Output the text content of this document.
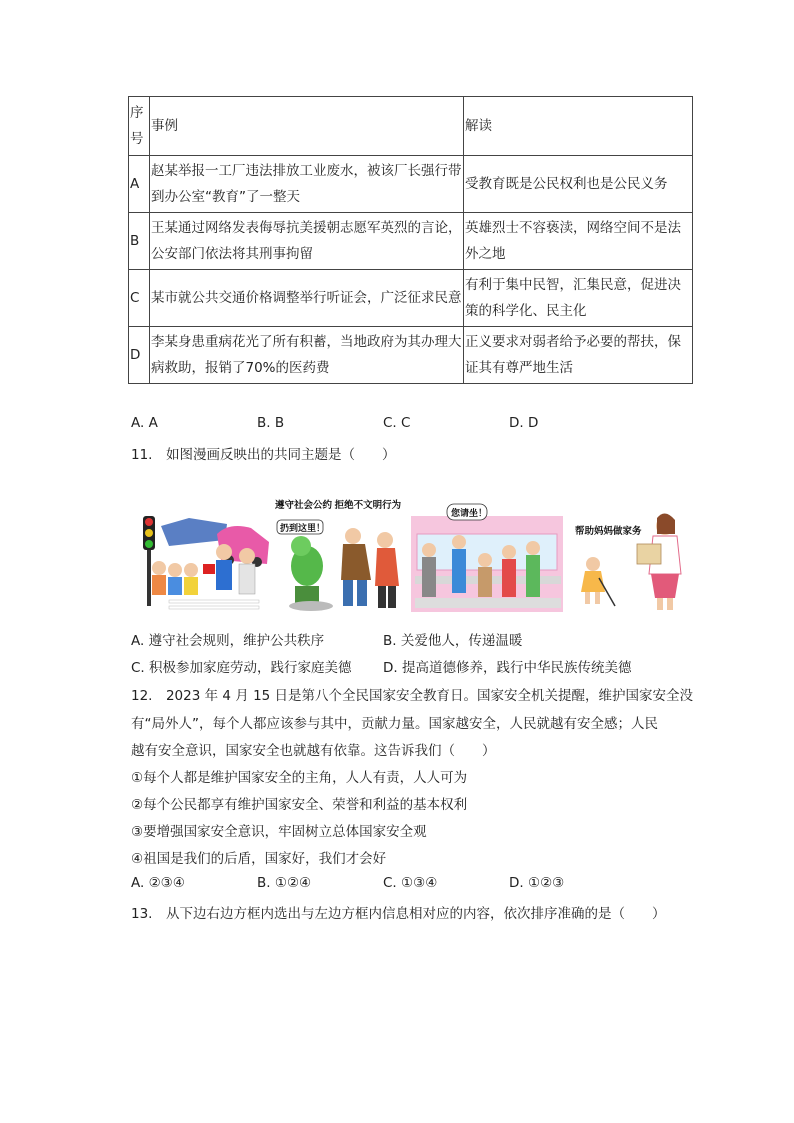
序号	事例	解读
A	赵某举报一工厂违法排放工业废水，被该厂长强行带到办公室“教育”了一整天	受教育既是公民权利也是公民义务
B	王某通过网络发表侮辱抗美援朝志愿军英烈的言论，公安部门依法将其刑事拘留	英雄烈士不容亵渎，网络空间不是法外之地
C	某市就公共交通价格调整举行听证会，广泛征求民意	有利于集中民智，汇集民意，促进决策的科学化、民主化
D	李某身患重病花光了所有积蓄，当地政府为其办理大病救助，报销了70%的医药费	正义要求对弱者给予必要的帮扶，保证其有尊严地生活
A. A	B. B	C. C	D. D
11.　如图漫画反映出的共同主题是（　　）
遵守社会公约 拒绝不文明行为
扔到这里！
您请坐！
帮助妈妈做家务
A. 遵守社会规则，维护公共秩序	B. 关爱他人，传递温暖
C. 积极参加家庭劳动，践行家庭美德 D. 提高道德修养，践行中华民族传统美德
12.　2023 年 4 月 15 日是第八个全民国家安全教育日。国家安全机关提醒，维护国家安全没
有“局外人”，每个人都应该参与其中，贡献力量。国家越安全，人民就越有安全感；人民
越有安全意识，国家安全也就越有依靠。这告诉我们（　　）
①每个人都是维护国家安全的主角，人人有责，人人可为
②每个公民都享有维护国家安全、荣誉和利益的基本权利
③要增强国家安全意识，牢固树立总体国家安全观
④祖国是我们的后盾，国家好，我们才会好
A. ②③④	B. ①②④	C. ①③④	D. ①②③
13.　从下边右边方框内选出与左边方框内信息相对应的内容，依次排序准确的是（　　）
